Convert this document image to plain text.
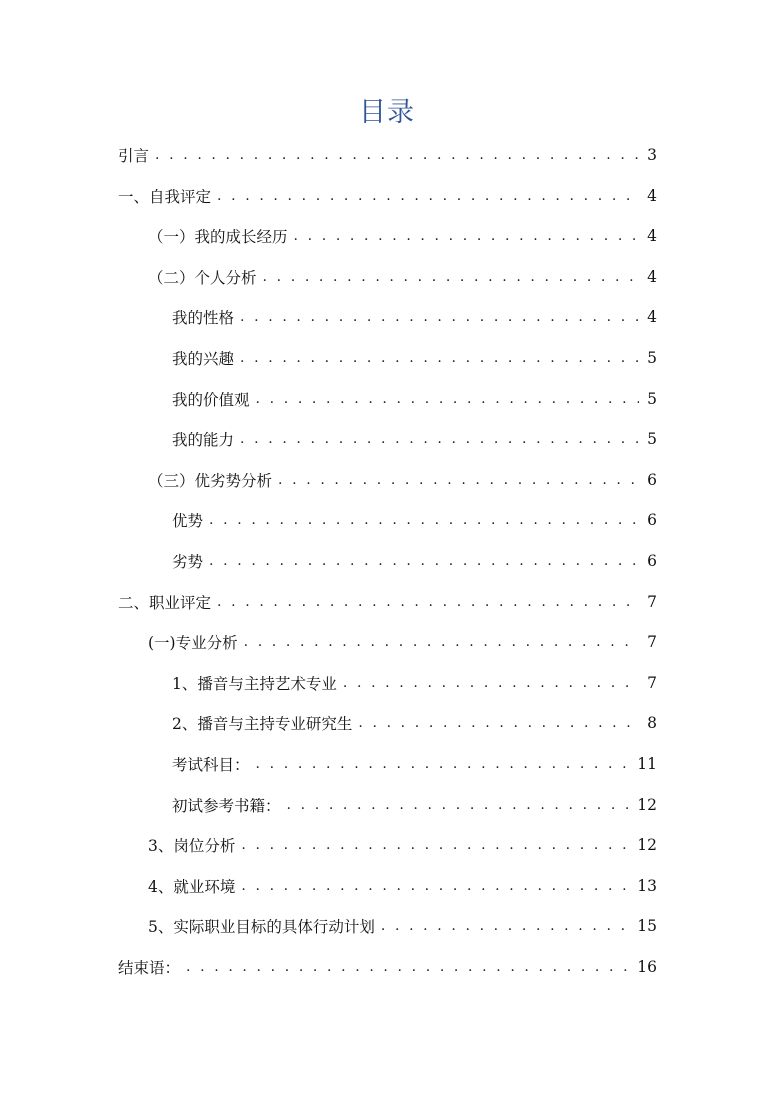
目录
引言 . . .	3
一、自我评定 . . .	4
（一）我的成长经历 . . .	4
（二）个人分析 . . .	4
我的性格 . . .	4
我的兴趣 . . .	5
我的价值观 . . .	5
我的能力 . . .	5
（三）优劣势分析 . . .	6
优势 . . .	6
劣势 . . .	6
二、职业评定 . . .	7
(一)专业分析 . . .	7
1、播音与主持艺术专业 . . .	7
2、播音与主持专业研究生 . . .	8
考试科目： . . .	11
初试参考书籍： . . .	12
3、岗位分析 . . .	12
4、就业环境 . . .	13
5、实际职业目标的具体行动计划 . . .	15
结束语： . . .	16
